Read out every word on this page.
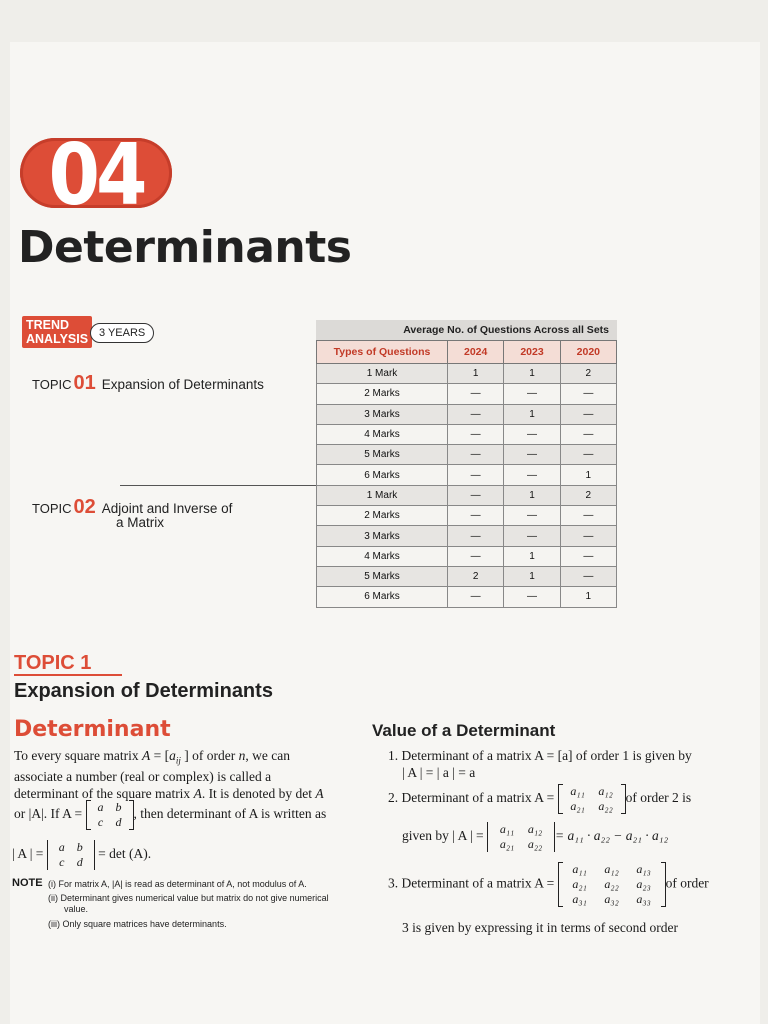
04
Determinants
TREND
ANALYSIS 3 YEARS
TOPIC 01 Expansion of Determinants
TOPIC 02 Adjoint and Inverse of
a Matrix
Average No. of Questions Across all Sets
Types of Questions	2024	2023	2020
1 Mark	1	1	2
2 Marks	—	—	—
3 Marks	—	1	—
4 Marks	—	—	—
5 Marks	—	—	—
6 Marks	—	—	1
1 Mark	—	1	2
2 Marks	—	—	—
3 Marks	—	—	—
4 Marks	—	1	—
5 Marks	2	1	—
6 Marks	—	—	1
TOPIC 1
Expansion of Determinants
Determinant
To every square matrix $A = [a_{ij}$ ] of order n, we can
associate a number (real or complex) is called a
determinant of the square matrix A. It is denoted by det A
or |A|. If A =	a b
c d
, then determinant of A is written as
| A | =	a b
c d
= det (A).
NOTE (i) For matrix A, |A| is read as determinant of A, not modulus of A.
(ii) Determinant gives numerical value but matrix do not give numerical
value.
(iii) Only square matrices have determinants.
Value of a Determinant
1. Determinant of a matrix A = [a] of order 1 is given by
| A | = | a | = a
2. Determinant of a matrix A =	a₁₁ a₁₂
a₂₁ a₂₂
of order 2 is
given by | A | =	a₁₁ a₁₂
a₂₁ a₂₂
= a₁₁ · a₂₂ − a₂₁ · a₁₂
3. Determinant of a matrix A =
a₁₁ a₁₂ a₁₃
a₂₁ a₂₂ a₂₃
a₃₁ a₃₂ a₃₃
of order
3 is given by expressing it in terms of second order
